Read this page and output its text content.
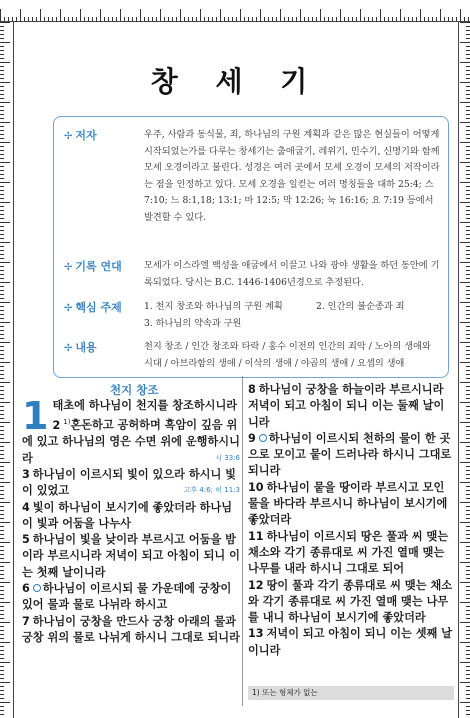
창 세 기
✢ 저자	우주, 사람과 동식물, 죄, 하나님의 구원 계획과 같은 많은 현실들이 어떻게 시작되었는가를 다루는 창세기는 출애굽기, 레위기, 민수기, 신명기와 함께 모세 오경이라고 불린다. 성경은 여러 곳에서 모세 오경이 모세의 저작이라는 점을 인정하고 있다. 모세 오경을 일컫는 여러 명칭들을 대하 25:4; 스 7:10; 느 8:1,18; 13:1; 마 12:5; 막 12:26; 눅 16:16; 요 7:19 등에서 발견할 수 있다.
✢ 기록 연대	모세가 이스라엘 백성을 애굽에서 이끌고 나와 광야 생활을 하던 동안에 기록되었다. 당시는 B.C. 1446-1406년경으로 추정된다.
✢ 핵심 주제	1. 천지 창조와 하나님의 구원 계획	2. 인간의 불순종과 죄
3. 하나님의 약속과 구원
✢ 내용	천지 창조 / 인간 창조와 타락 / 홍수 이전의 인간의 죄악 / 노아의 생애와 시대 / 아브라함의 생애 / 이삭의 생애 / 야곱의 생애 / 요셉의 생애
천지 창조
1 태초에 하나님이 천지를 창조하시니라
2 $^{1)}$혼돈하고 공허하며 흑암이 깊음 위에 있고 하나님의 영은 수면 위에 운행하시니라	시 33:6
3 하나님이 이르시되 빛이 있으라 하시니 빛이 있었고	고후 4:6; 히 11:3
4 빛이 하나님이 보시기에 좋았더라 하나님이 빛과 어둠을 나누사
5 하나님이 빛을 낮이라 부르시고 어둠을 밤이라 부르시니라 저녁이 되고 아침이 되니 이는 첫째 날이니라
6 하나님이 이르시되 물 가운데에 궁창이 있어 물과 물로 나뉘라 하시고
7 하나님이 궁창을 만드사 궁창 아래의 물과 궁창 위의 물로 나뉘게 하시니 그대로 되니라
8 하나님이 궁창을 하늘이라 부르시니라 저녁이 되고 아침이 되니 이는 둘째 날이니라
9 하나님이 이르시되 천하의 물이 한 곳으로 모이고 뭍이 드러나라 하시니 그대로 되니라
10 하나님이 뭍을 땅이라 부르시고 모인 물을 바다라 부르시니 하나님이 보시기에 좋았더라
11 하나님이 이르시되 땅은 풀과 씨 맺는 채소와 각기 종류대로 씨 가진 열매 맺는 나무를 내라 하시니 그대로 되어
12 땅이 풀과 각기 종류대로 씨 맺는 채소와 각기 종류대로 씨 가진 열매 맺는 나무를 내니 하나님이 보시기에 좋았더라
13 저녁이 되고 아침이 되니 이는 셋째 날이니라
1) 또는 형체가 없는
